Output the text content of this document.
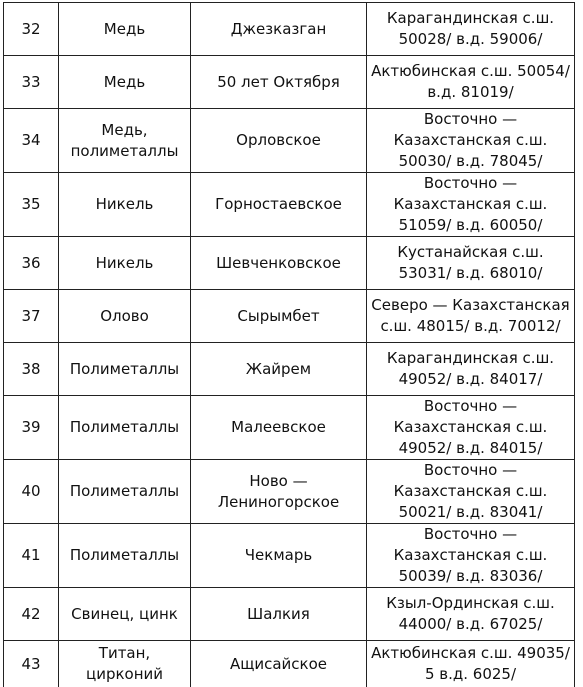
32	Медь	Джезказган	Карагандинская с.ш. 50028/ в.д. 59006/
33	Медь	50 лет Октября	Актюбинская с.ш. 50054/ в.д. 81019/
34	Медь, полиметаллы	Орловское	Восточно — Казахстанская с.ш. 50030/ в.д. 78045/
35	Никель	Горностаевское	Восточно — Казахстанская с.ш. 51059/ в.д. 60050/
36	Никель	Шевченковское	Кустанайская с.ш. 53031/ в.д. 68010/
37	Олово	Сырымбет	Северо — Казахстанская с.ш. 48015/ в.д. 70012/
38	Полиметаллы	Жайрем	Карагандинская с.ш. 49052/ в.д. 84017/
39	Полиметаллы	Малеевское	Восточно — Казахстанская с.ш. 49052/ в.д. 84015/
40	Полиметаллы	Ново — Лениногорское	Восточно — Казахстанская с.ш. 50021/ в.д. 83041/
41	Полиметаллы	Чекмарь	Восточно — Казахстанская с.ш. 50039/ в.д. 83036/
42	Свинец, цинк	Шалкия	Кзыл-Ординская с.ш. 44000/ в.д. 67025/
43	Титан, цирконий	Ащисайское	Актюбинская с.ш. 49035/ 5 в.д. 6025/
